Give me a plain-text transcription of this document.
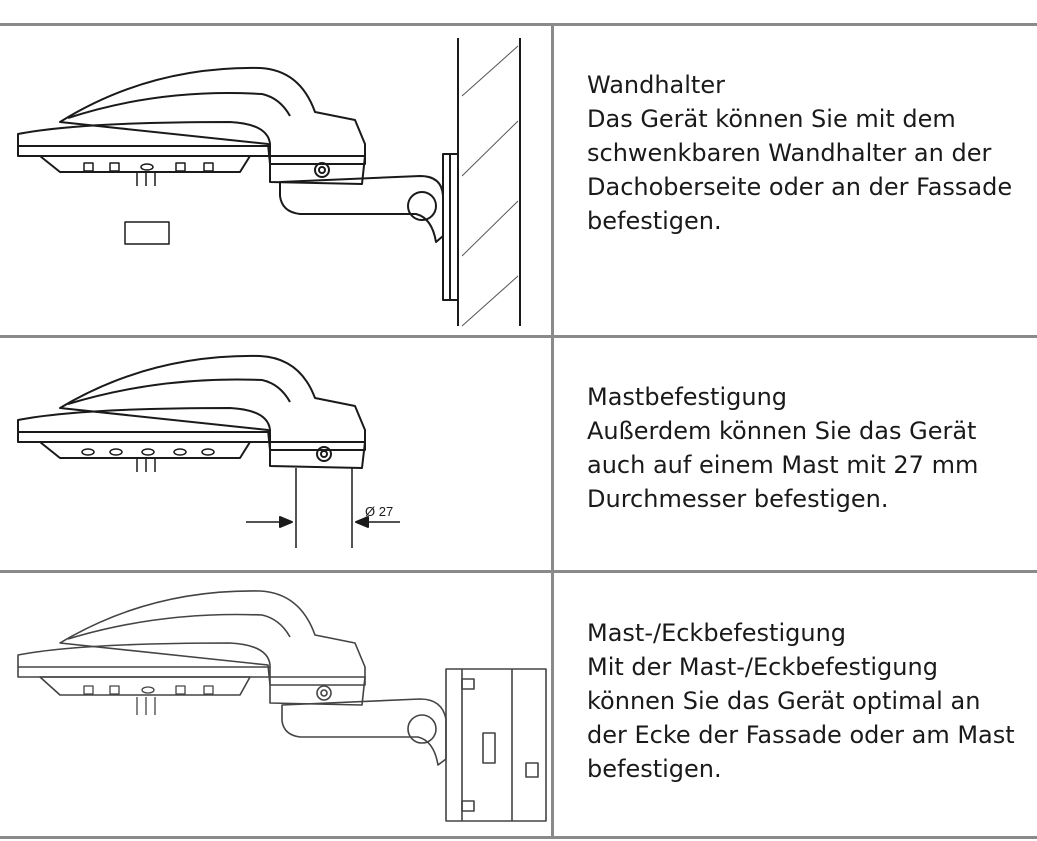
Wandhalter
Das Gerät können Sie mit dem
schwenkbaren Wandhalter an der
Dachoberseite oder an der Fassade
befestigen.
Ø 27
Mastbefestigung
Außerdem können Sie das Gerät
auch auf einem Mast mit 27 mm
Durchmesser befestigen.
Mast-/Eckbefestigung
Mit der Mast-/Eckbefestigung
können Sie das Gerät optimal an
der Ecke der Fassade oder am Mast
befestigen.
